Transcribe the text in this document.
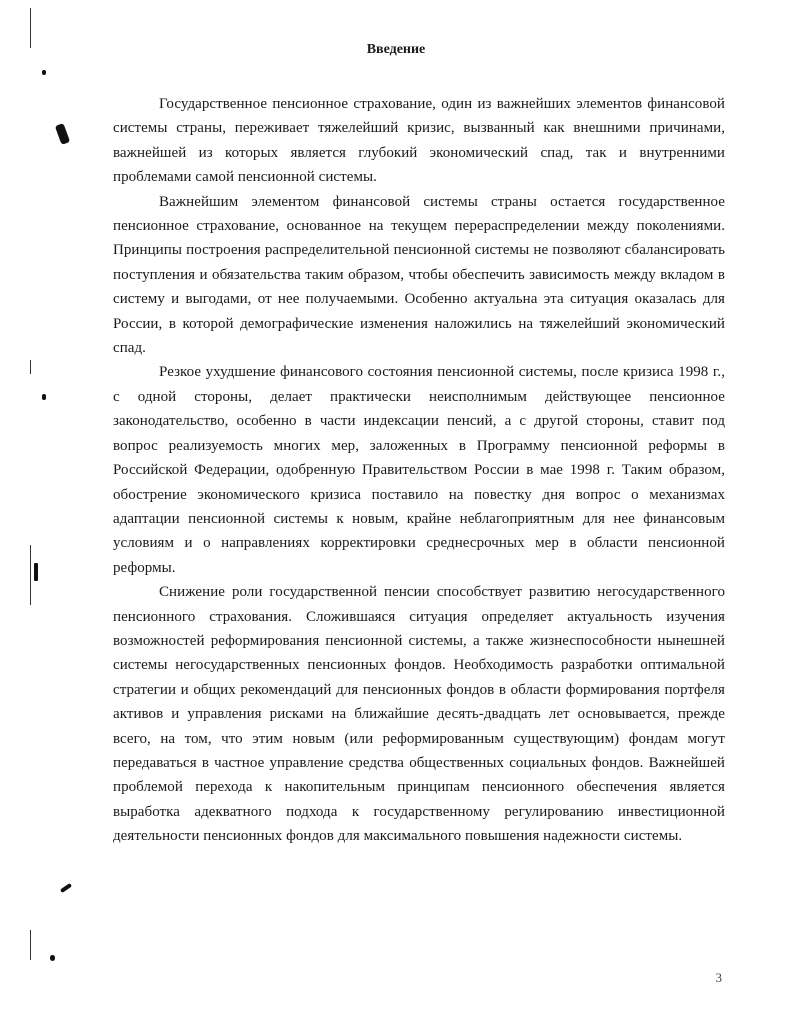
Введение

Государственное пенсионное страхование, один из важнейших элементов финансовой системы страны, переживает тяжелейший кризис, вызванный как внешними причинами, важнейшей из которых является глубокий экономический спад, так и внутренними проблемами самой пенсионной системы.

Важнейшим элементом финансовой системы страны остается государственное пенсионное страхование, основанное на текущем перераспределении между поколениями. Принципы построения распределительной пенсионной системы не позволяют сбалансировать поступления и обязательства таким образом, чтобы обеспечить зависимость между вкладом в систему и выгодами, от нее получаемыми. Особенно актуальна эта ситуация оказалась для России, в которой демографические изменения наложились на тяжелейший экономический спад.

Резкое ухудшение финансового состояния пенсионной системы, после кризиса 1998 г., с одной стороны, делает практически неисполнимым действующее пенсионное законодательство, особенно в части индексации пенсий, а с другой стороны, ставит под вопрос реализуемость многих мер, заложенных в Программу пенсионной реформы в Российской Федерации, одобренную Правительством России в мае 1998 г. Таким образом, обострение экономического кризиса поставило на повестку дня вопрос о механизмах адаптации пенсионной системы к новым, крайне неблагоприятным для нее финансовым условиям и о направлениях корректировки среднесрочных мер в области пенсионной реформы.

Снижение роли государственной пенсии способствует развитию негосударственного пенсионного страхования. Сложившаяся ситуация определяет актуальность изучения возможностей реформирования пенсионной системы, а также жизнеспособности нынешней системы негосударственных пенсионных фондов. Необходимость разработки оптимальной стратегии и общих рекомендаций для пенсионных фондов в области формирования портфеля активов и управления рисками на ближайшие десять-двадцать лет основывается, прежде всего, на том, что этим новым (или реформированным существующим) фондам могут передаваться в частное управление средства общественных социальных фондов. Важнейшей проблемой перехода к накопительным принципам пенсионного обеспечения является выработка адекватного подхода к государственному регулированию инвестиционной деятельности пенсионных фондов для максимального повышения надежности системы.

3
